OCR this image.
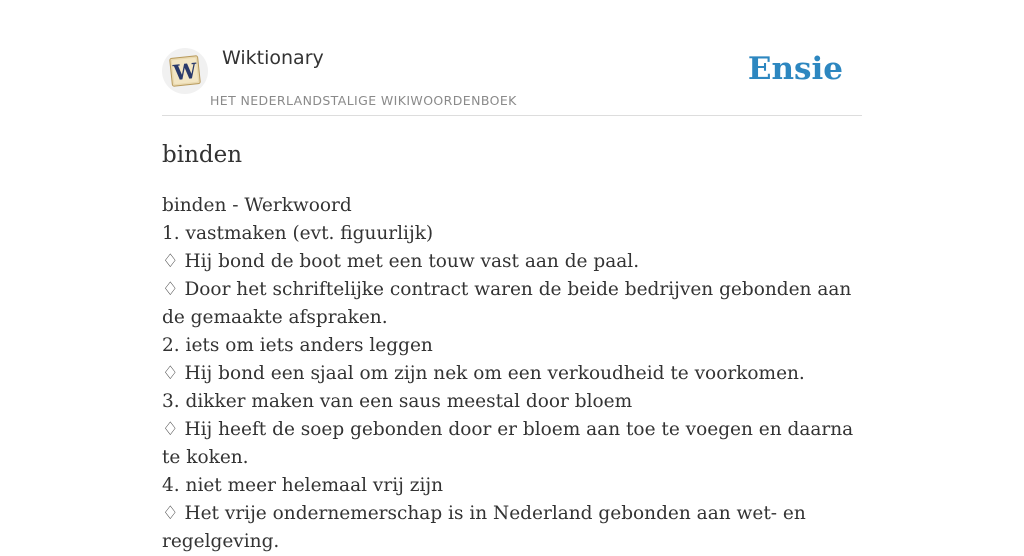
W Wiktionary
HET NEDERLANDSTALIGE WIKIWOORDENBOEK
Ensie
binden

binden - Werkwoord

1. vastmaken (evt. figuurlijk)

♢ Hij bond de boot met een touw vast aan de paal.

♢ Door het schriftelijke contract waren de beide bedrijven gebonden aan de gemaakte afspraken.

2. iets om iets anders leggen

♢ Hij bond een sjaal om zijn nek om een verkoudheid te voorkomen.

3. dikker maken van een saus meestal door bloem

♢ Hij heeft de soep gebonden door er bloem aan toe te voegen en daarna te koken.

4. niet meer helemaal vrij zijn

♢ Het vrije ondernemerschap is in Nederland gebonden aan wet- en regelgeving.
